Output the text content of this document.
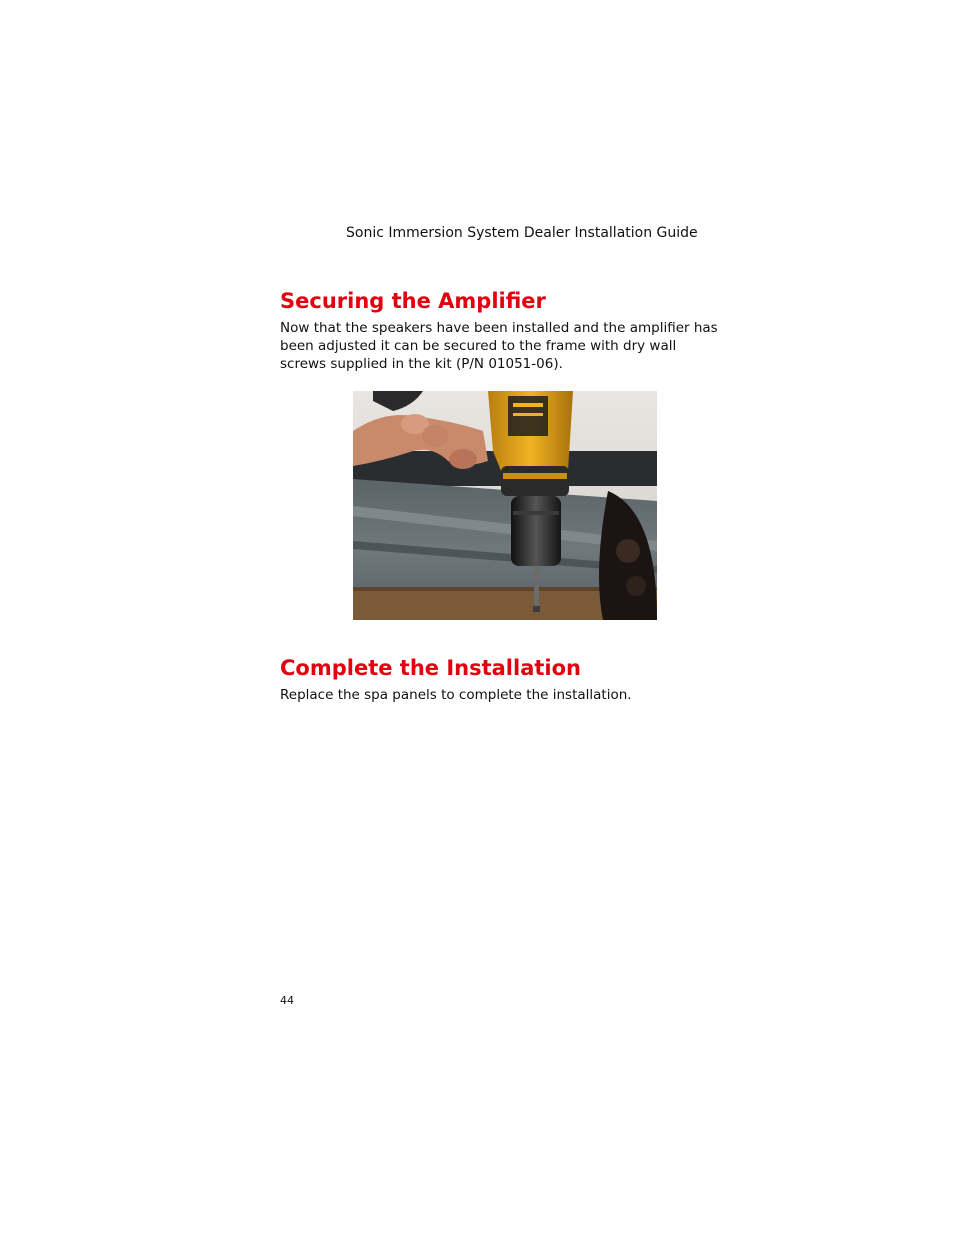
Sonic Immersion System Dealer Installation Guide
Securing the Amplifier

Now that the speakers have been installed and the amplifier has been adjusted it can be secured to the frame with dry wall screws supplied in the kit (P/N 01051-06).

Complete the Installation

Replace the spa panels to complete the installation.

44
